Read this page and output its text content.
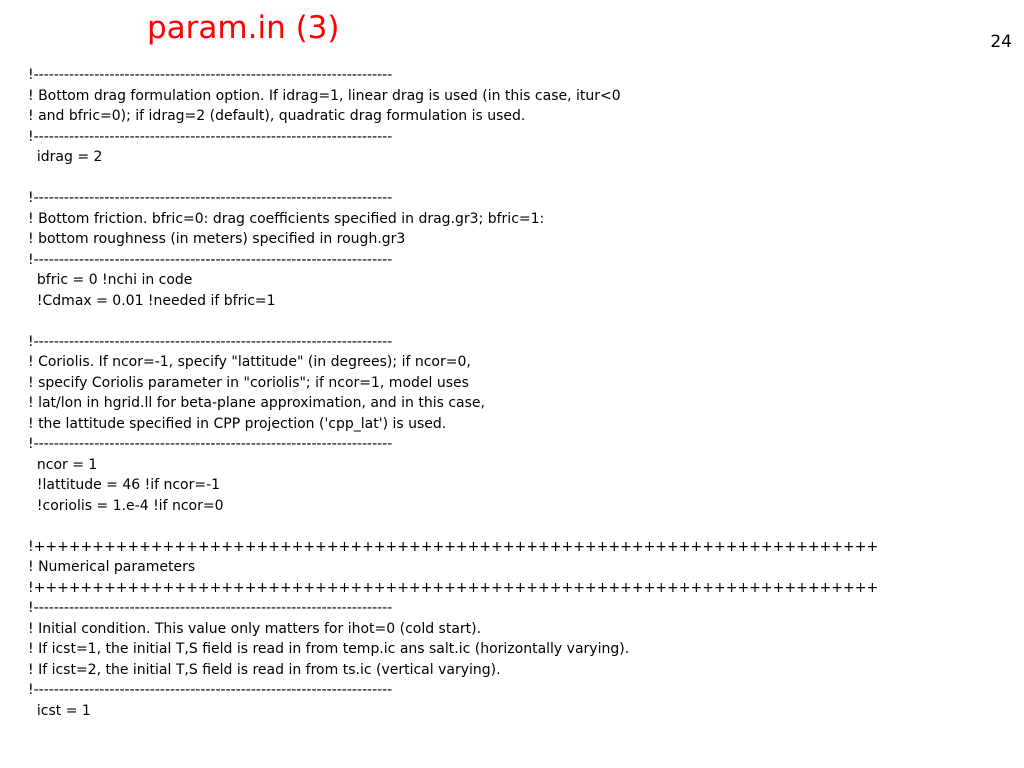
param.in (3)	24
!-----------------------------------------------------------------------
! Bottom drag formulation option. If idrag=1, linear drag is used (in this case, itur<0
! and bfric=0); if idrag=2 (default), quadratic drag formulation is used.
!-----------------------------------------------------------------------
idrag = 2
!-----------------------------------------------------------------------
! Bottom friction. bfric=0: drag coefficients specified in drag.gr3; bfric=1:
! bottom roughness (in meters) specified in rough.gr3
!-----------------------------------------------------------------------
bfric = 0 !nchi in code
!Cdmax = 0.01 !needed if bfric=1
!-----------------------------------------------------------------------
! Coriolis. If ncor=-1, specify "lattitude" (in degrees); if ncor=0,
! specify Coriolis parameter in "coriolis"; if ncor=1, model uses
! lat/lon in hgrid.ll for beta-plane approximation, and in this case,
! the lattitude specified in CPP projection ('cpp_lat') is used.
!-----------------------------------------------------------------------
ncor = 1
!lattitude = 46 !if ncor=-1
!coriolis = 1.e-4 !if ncor=0
!++++++++++++++++++++++++++++++++++++++++++++++++++++++++++++++++++++++++
! Numerical parameters
!++++++++++++++++++++++++++++++++++++++++++++++++++++++++++++++++++++++++
!-----------------------------------------------------------------------
! Initial condition. This value only matters for ihot=0 (cold start).
! If icst=1, the initial T,S field is read in from temp.ic ans salt.ic (horizontally varying).
! If icst=2, the initial T,S field is read in from ts.ic (vertical varying).
!-----------------------------------------------------------------------
icst = 1
